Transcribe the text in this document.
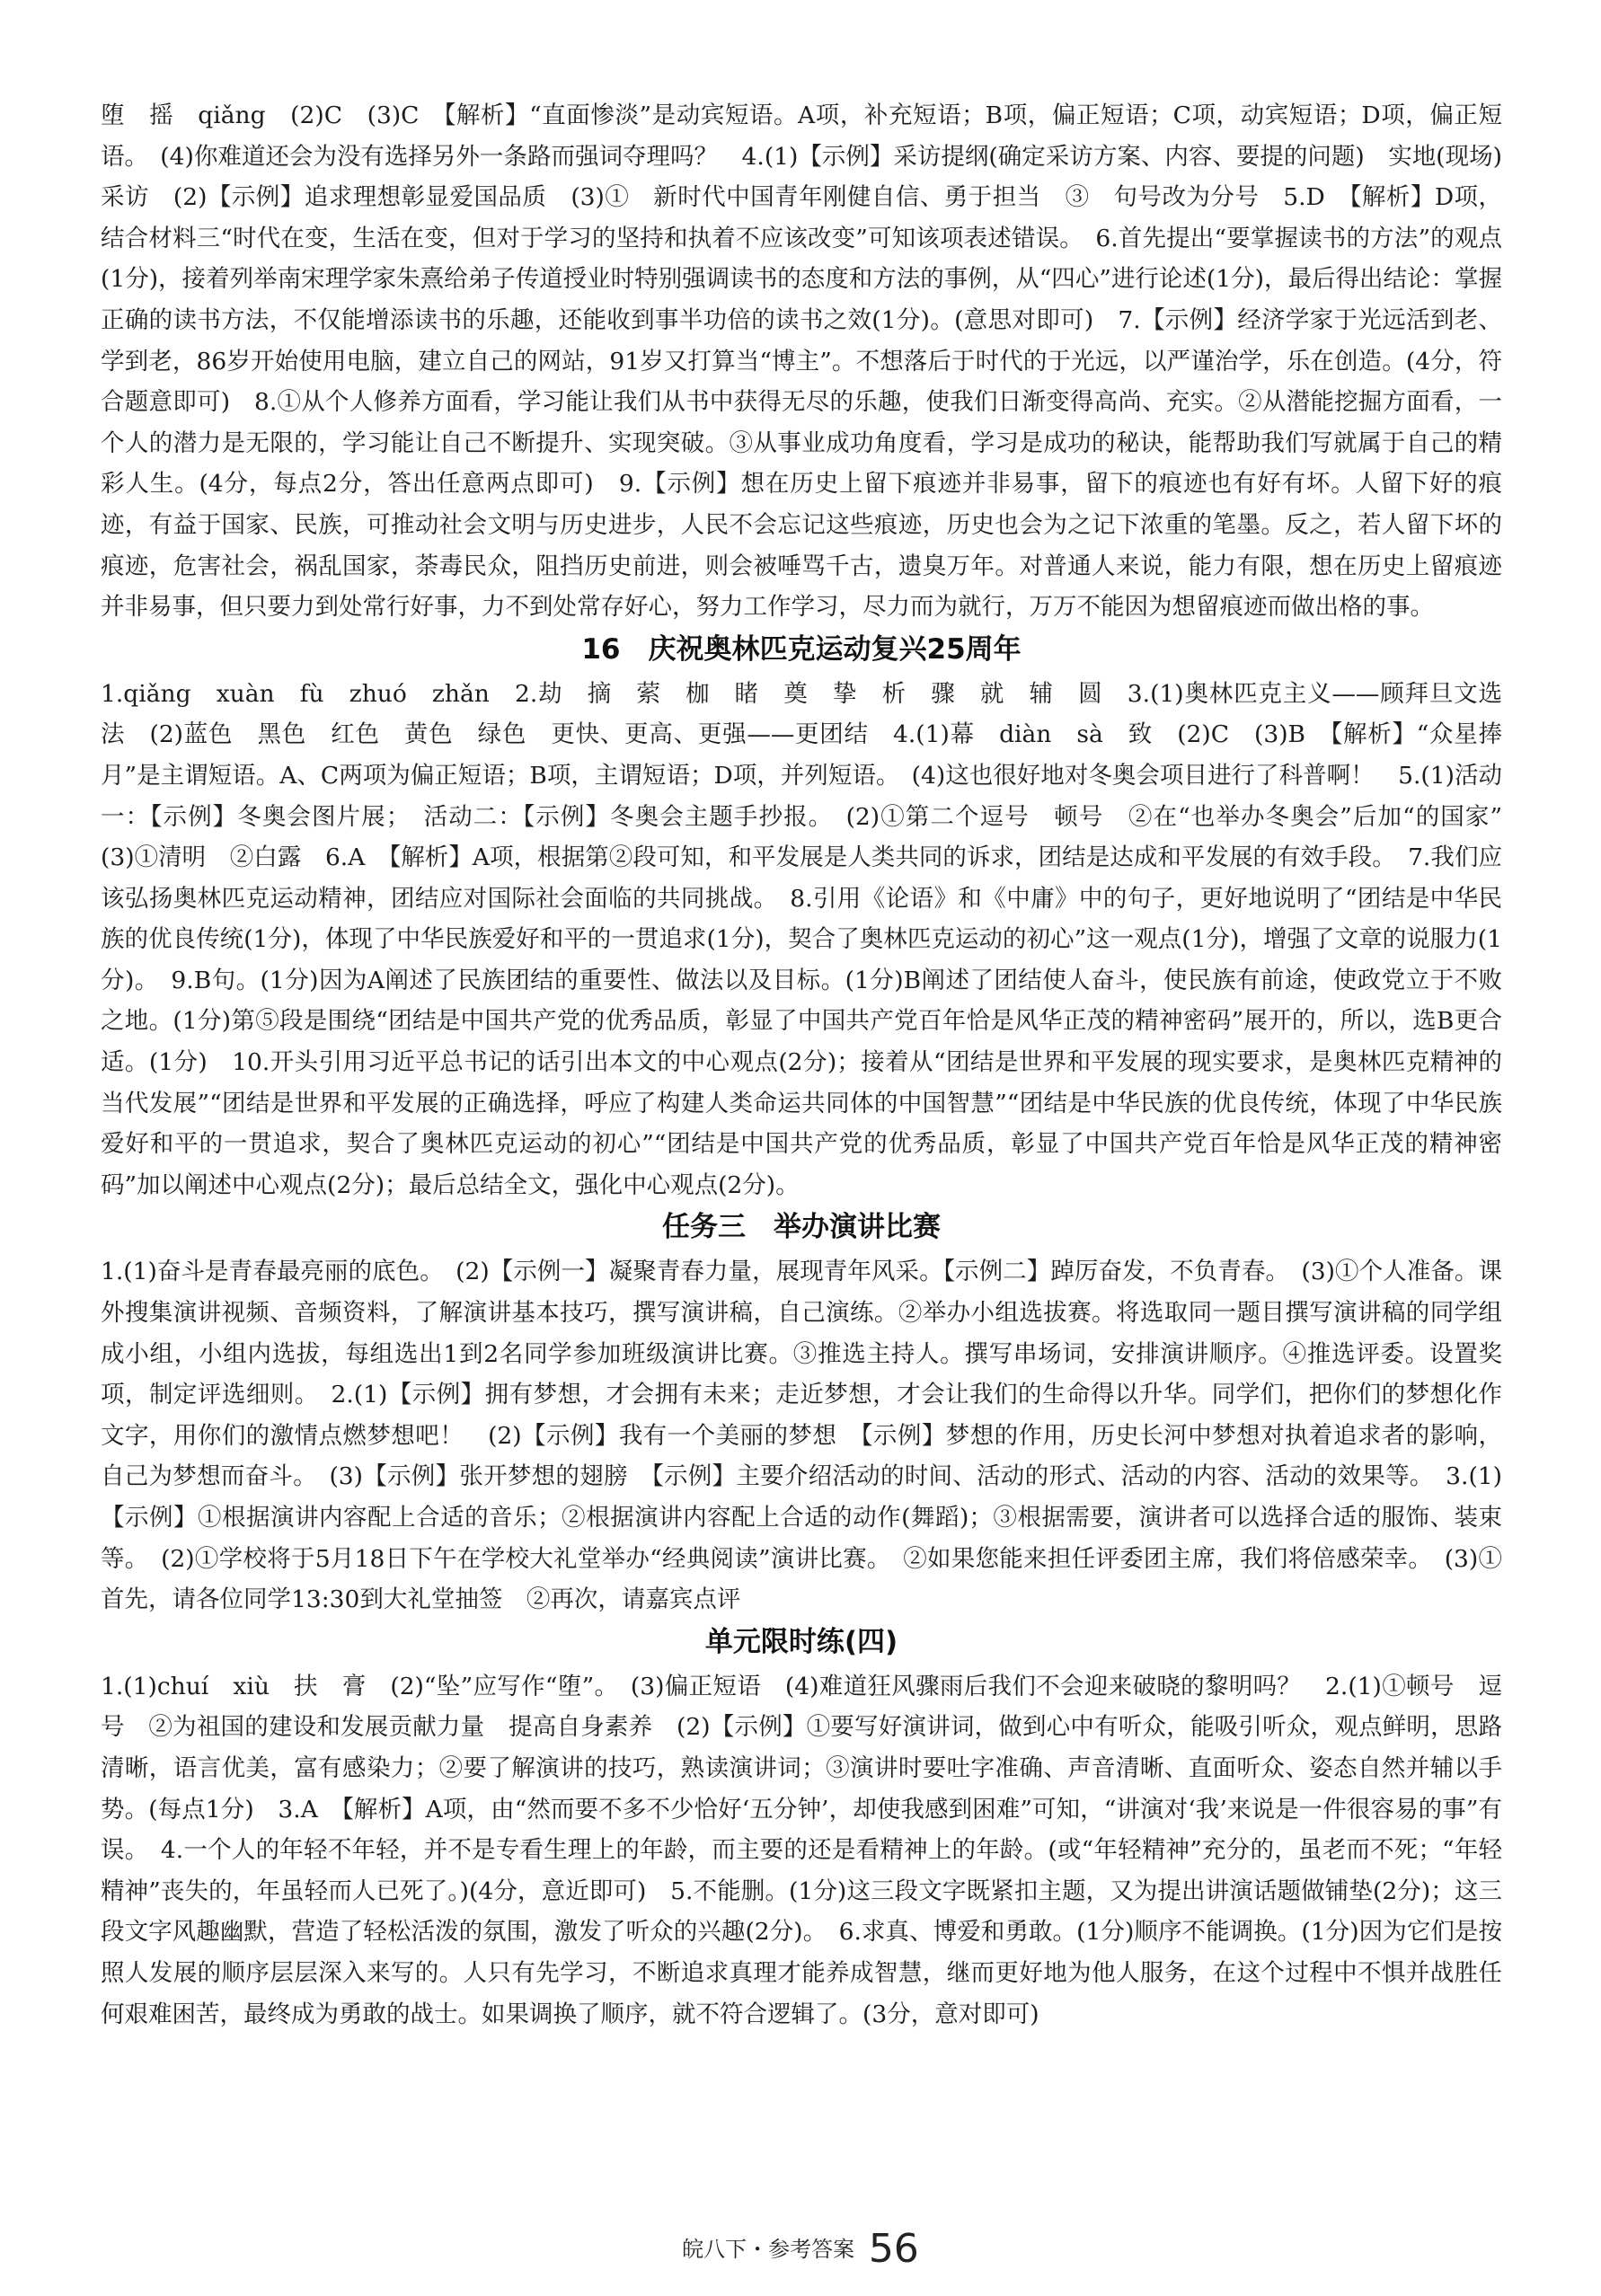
堕　摇　qiǎng　(2)C　(3)C　【解析】“直面惨淡”是动宾短语。A项，补充短语；B项，偏正短语；C项，动宾短语；D项，偏正短语。　(4)你难道还会为没有选择另外一条路而强词夺理吗？　4.(1)【示例】采访提纲(确定采访方案、内容、要提的问题)　实地(现场)采访　(2)【示例】追求理想彰显爱国品质　(3)①　新时代中国青年刚健自信、勇于担当　③　句号改为分号　5.D　【解析】D项，结合材料三“时代在变，生活在变，但对于学习的坚持和执着不应该改变”可知该项表述错误。　6.首先提出“要掌握读书的方法”的观点(1分)，接着列举南宋理学家朱熹给弟子传道授业时特别强调读书的态度和方法的事例，从“四心”进行论述(1分)，最后得出结论：掌握正确的读书方法，不仅能增添读书的乐趣，还能收到事半功倍的读书之效(1分)。(意思对即可)　7.【示例】经济学家于光远活到老、学到老，86岁开始使用电脑，建立自己的网站，91岁又打算当“博主”。不想落后于时代的于光远，以严谨治学，乐在创造。(4分，符合题意即可)　8.①从个人修养方面看，学习能让我们从书中获得无尽的乐趣，使我们日渐变得高尚、充实。②从潜能挖掘方面看，一个人的潜力是无限的，学习能让自己不断提升、实现突破。③从事业成功角度看，学习是成功的秘诀，能帮助我们写就属于自己的精彩人生。(4分，每点2分，答出任意两点即可)　9.【示例】想在历史上留下痕迹并非易事，留下的痕迹也有好有坏。人留下好的痕迹，有益于国家、民族，可推动社会文明与历史进步，人民不会忘记这些痕迹，历史也会为之记下浓重的笔墨。反之，若人留下坏的痕迹，危害社会，祸乱国家，荼毒民众，阻挡历史前进，则会被唾骂千古，遗臭万年。对普通人来说，能力有限，想在历史上留痕迹并非易事，但只要力到处常行好事，力不到处常存好心，努力工作学习，尽力而为就行，万万不能因为想留痕迹而做出格的事。

16　庆祝奥林匹克运动复兴25周年

1.qiǎng　xuàn　fù　zhuó　zhǎn　2.劫　摘　萦　枷　睹　奠　挚　析　骤　就　辅　圆　3.(1)奥林匹克主义——顾拜旦文选　法　(2)蓝色　黑色　红色　黄色　绿色　更快、更高、更强——更团结　4.(1)幕　diàn　sà　致　(2)C　(3)B　【解析】“众星捧月”是主谓短语。A、C两项为偏正短语；B项，主谓短语；D项，并列短语。　(4)这也很好地对冬奥会项目进行了科普啊！　5.(1)活动一：【示例】冬奥会图片展；　活动二：【示例】冬奥会主题手抄报。　(2)①第二个逗号　顿号　②在“也举办冬奥会”后加“的国家”　(3)①清明　②白露　6.A　【解析】A项，根据第②段可知，和平发展是人类共同的诉求，团结是达成和平发展的有效手段。　7.我们应该弘扬奥林匹克运动精神，团结应对国际社会面临的共同挑战。　8.引用《论语》和《中庸》中的句子，更好地说明了“团结是中华民族的优良传统(1分)，体现了中华民族爱好和平的一贯追求(1分)，契合了奥林匹克运动的初心”这一观点(1分)，增强了文章的说服力(1分)。　9.B句。(1分)因为A阐述了民族团结的重要性、做法以及目标。(1分)B阐述了团结使人奋斗，使民族有前途，使政党立于不败之地。(1分)第⑤段是围绕“团结是中国共产党的优秀品质，彰显了中国共产党百年恰是风华正茂的精神密码”展开的，所以，选B更合适。(1分)　10.开头引用习近平总书记的话引出本文的中心观点(2分)；接着从“团结是世界和平发展的现实要求，是奥林匹克精神的当代发展”“团结是世界和平发展的正确选择，呼应了构建人类命运共同体的中国智慧”“团结是中华民族的优良传统，体现了中华民族爱好和平的一贯追求，契合了奥林匹克运动的初心”“团结是中国共产党的优秀品质，彰显了中国共产党百年恰是风华正茂的精神密码”加以阐述中心观点(2分)；最后总结全文，强化中心观点(2分)。

任务三　举办演讲比赛

1.(1)奋斗是青春最亮丽的底色。　(2)【示例一】凝聚青春力量，展现青年风采。【示例二】踔厉奋发，不负青春。　(3)①个人准备。课外搜集演讲视频、音频资料，了解演讲基本技巧，撰写演讲稿，自己演练。②举办小组选拔赛。将选取同一题目撰写演讲稿的同学组成小组，小组内选拔，每组选出1到2名同学参加班级演讲比赛。③推选主持人。撰写串场词，安排演讲顺序。④推选评委。设置奖项，制定评选细则。　2.(1)【示例】拥有梦想，才会拥有未来；走近梦想，才会让我们的生命得以升华。同学们，把你们的梦想化作文字，用你们的激情点燃梦想吧！　(2)【示例】我有一个美丽的梦想　【示例】梦想的作用，历史长河中梦想对执着追求者的影响，自己为梦想而奋斗。　(3)【示例】张开梦想的翅膀　【示例】主要介绍活动的时间、活动的形式、活动的内容、活动的效果等。　3.(1)【示例】①根据演讲内容配上合适的音乐；②根据演讲内容配上合适的动作(舞蹈)；③根据需要，演讲者可以选择合适的服饰、装束等。　(2)①学校将于5月18日下午在学校大礼堂举办“经典阅读”演讲比赛。　②如果您能来担任评委团主席，我们将倍感荣幸。　(3)①首先，请各位同学13:30到大礼堂抽签　②再次，请嘉宾点评

单元限时练(四)

1.(1)chuí　xiù　扶　膏　(2)“坠”应写作“堕”。　(3)偏正短语　(4)难道狂风骤雨后我们不会迎来破晓的黎明吗？　2.(1)①顿号　逗号　②为祖国的建设和发展贡献力量　提高自身素养　(2)【示例】①要写好演讲词，做到心中有听众，能吸引听众，观点鲜明，思路清晰，语言优美，富有感染力；②要了解演讲的技巧，熟读演讲词；③演讲时要吐字准确、声音清晰、直面听众、姿态自然并辅以手势。(每点1分)　3.A　【解析】A项，由“然而要不多不少恰好‘五分钟’，却使我感到困难”可知，“讲演对‘我’来说是一件很容易的事”有误。　4.一个人的年轻不年轻，并不是专看生理上的年龄，而主要的还是看精神上的年龄。(或“年轻精神”充分的，虽老而不死；“年轻精神”丧失的，年虽轻而人已死了。)(4分，意近即可)　5.不能删。(1分)这三段文字既紧扣主题，又为提出讲演话题做铺垫(2分)；这三段文字风趣幽默，营造了轻松活泼的氛围，激发了听众的兴趣(2分)。　6.求真、博爱和勇敢。(1分)顺序不能调换。(1分)因为它们是按照人发展的顺序层层深入来写的。人只有先学习，不断追求真理才能养成智慧，继而更好地为他人服务，在这个过程中不惧并战胜任何艰难困苦，最终成为勇敢的战士。如果调换了顺序，就不符合逻辑了。(3分，意对即可)

皖八下・参考答案 56
